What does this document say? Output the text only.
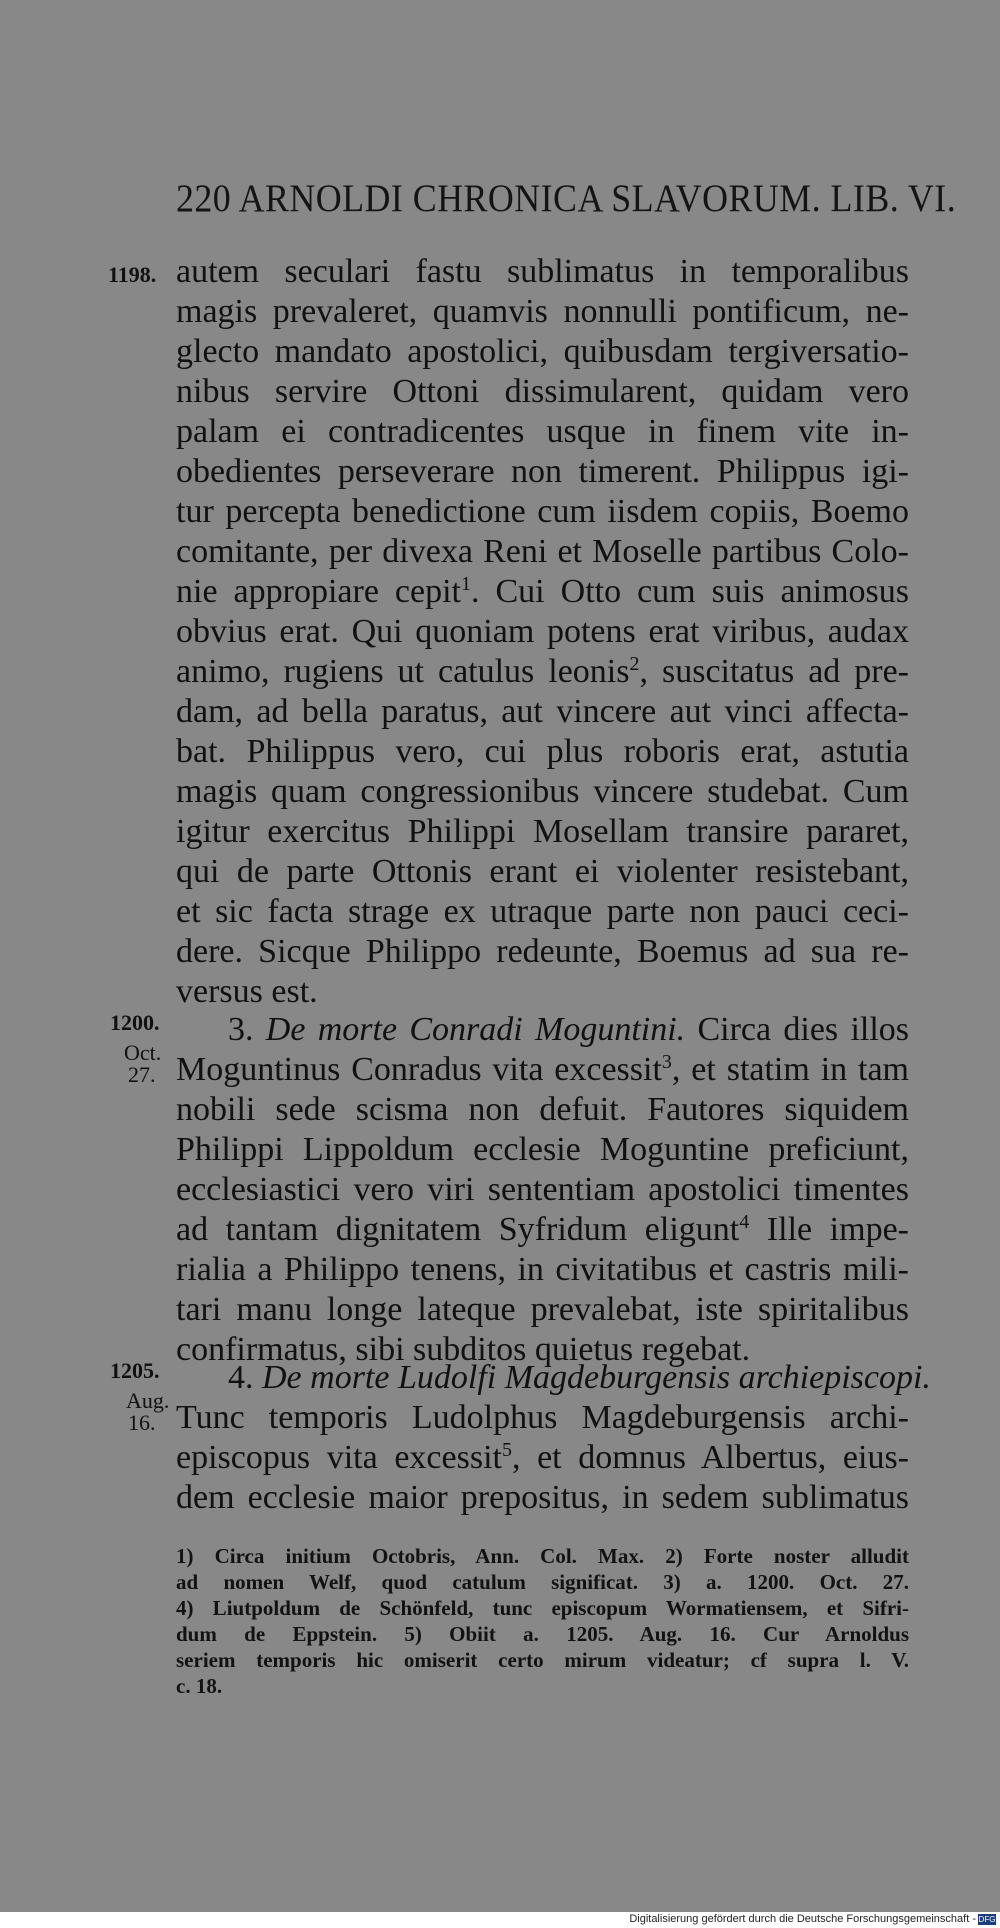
220 ARNOLDI CHRONICA SLAVORUM. LIB. VI.
1198.
1200.
Oct.
27.
1205.
Aug.
16.
autem seculari fastu sublimatus in temporalibus
magis prevaleret, quamvis nonnulli pontificum, ne-
glecto mandato apostolici, quibusdam tergiversatio-
nibus servire Ottoni dissimularent, quidam vero
palam ei contradicentes usque in finem vite in-
obedientes perseverare non timerent. Philippus igi-
tur percepta benedictione cum iisdem copiis, Boemo
comitante, per divexa Reni et Moselle partibus Colo-
nie appropiare cepit$^1$. Cui Otto cum suis animosus
obvius erat. Qui quoniam potens erat viribus, audax
animo, rugiens ut catulus leonis$^2$, suscitatus ad pre-
dam, ad bella paratus, aut vincere aut vinci affecta-
bat. Philippus vero, cui plus roboris erat, astutia
magis quam congressionibus vincere studebat. Cum
igitur exercitus Philippi Mosellam transire pararet,
qui de parte Ottonis erant ei violenter resistebant,
et sic facta strage ex utraque parte non pauci ceci-
dere. Sicque Philippo redeunte, Boemus ad sua re-
versus est.
3. De morte Conradi Moguntini. Circa dies illos
Moguntinus Conradus vita excessit$^3$, et statim in tam
nobili sede scisma non defuit. Fautores siquidem
Philippi Lippoldum ecclesie Moguntine preficiunt,
ecclesiastici vero viri sententiam apostolici timentes
ad tantam dignitatem Syfridum eligunt$^4$ Ille impe-
rialia a Philippo tenens, in civitatibus et castris mili-
tari manu longe lateque prevalebat, iste spiritalibus
confirmatus, sibi subditos quietus regebat.
4. De morte Ludolfi Magdeburgensis archiepiscopi.
Tunc temporis Ludolphus Magdeburgensis archi-
episcopus vita excessit$^5$, et domnus Albertus, eius-
dem ecclesie maior prepositus, in sedem sublimatus
1) Circa initium Octobris, Ann. Col. Max. 2) Forte noster alludit
ad nomen Welf, quod catulum significat. 3) a. 1200. Oct. 27.
4) Liutpoldum de Schönfeld, tunc episcopum Wormatiensem, et Sifri-
dum de Eppstein. 5) Obiit a. 1205. Aug. 16. Cur Arnoldus
seriem temporis hic omiserit certo mirum videatur; cf supra l. V.
c. 18.
Digitalisierung gefördert durch die Deutsche Forschungsgemeinschaft - DFG
